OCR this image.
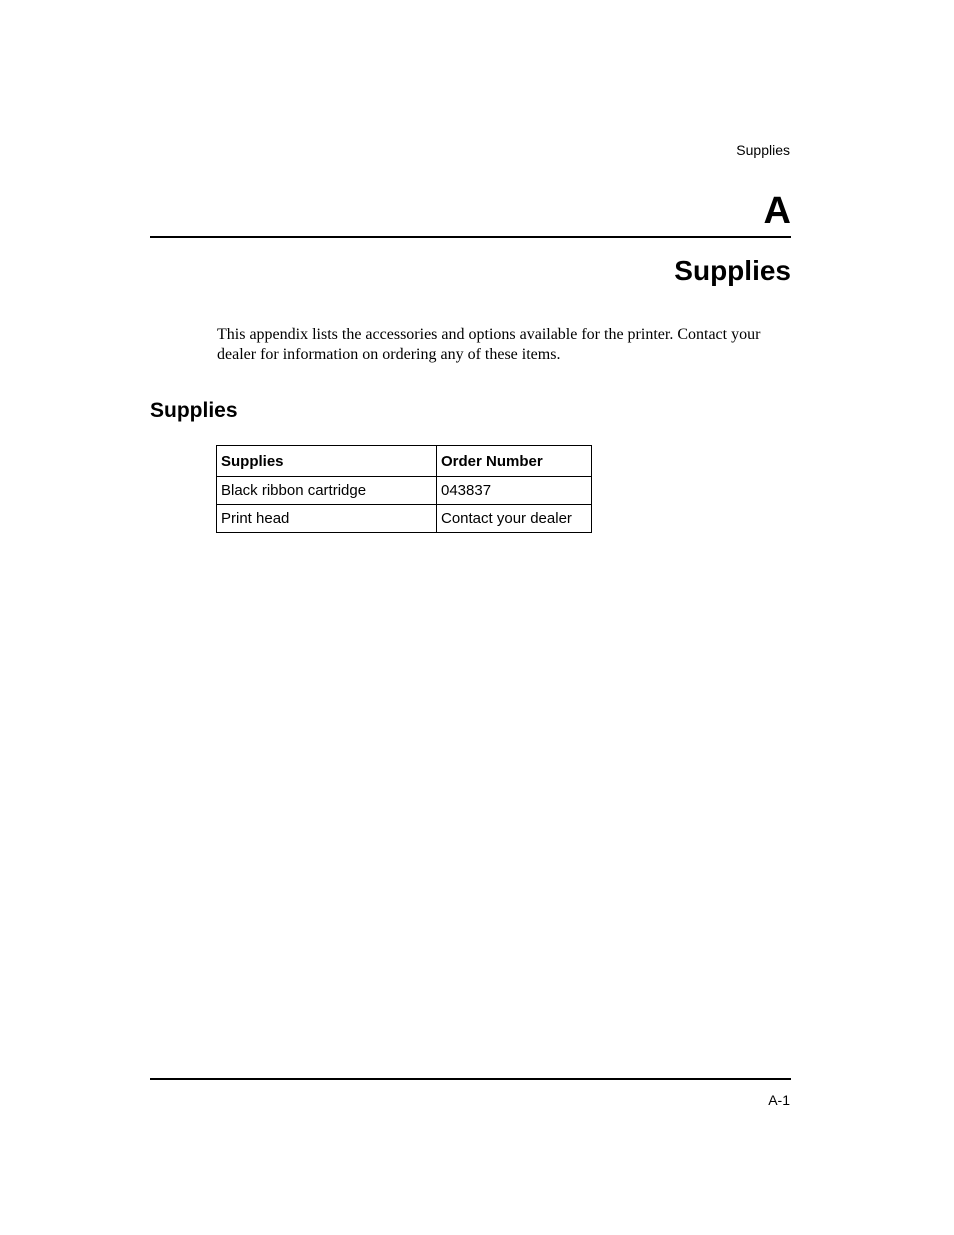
Supplies
A
Supplies

This appendix lists the accessories and options available for the printer. Contact your dealer for information on ordering any of these items.

Supplies
Supplies	Order Number
Black ribbon cartridge	043837
Print head	Contact your dealer
A-1
